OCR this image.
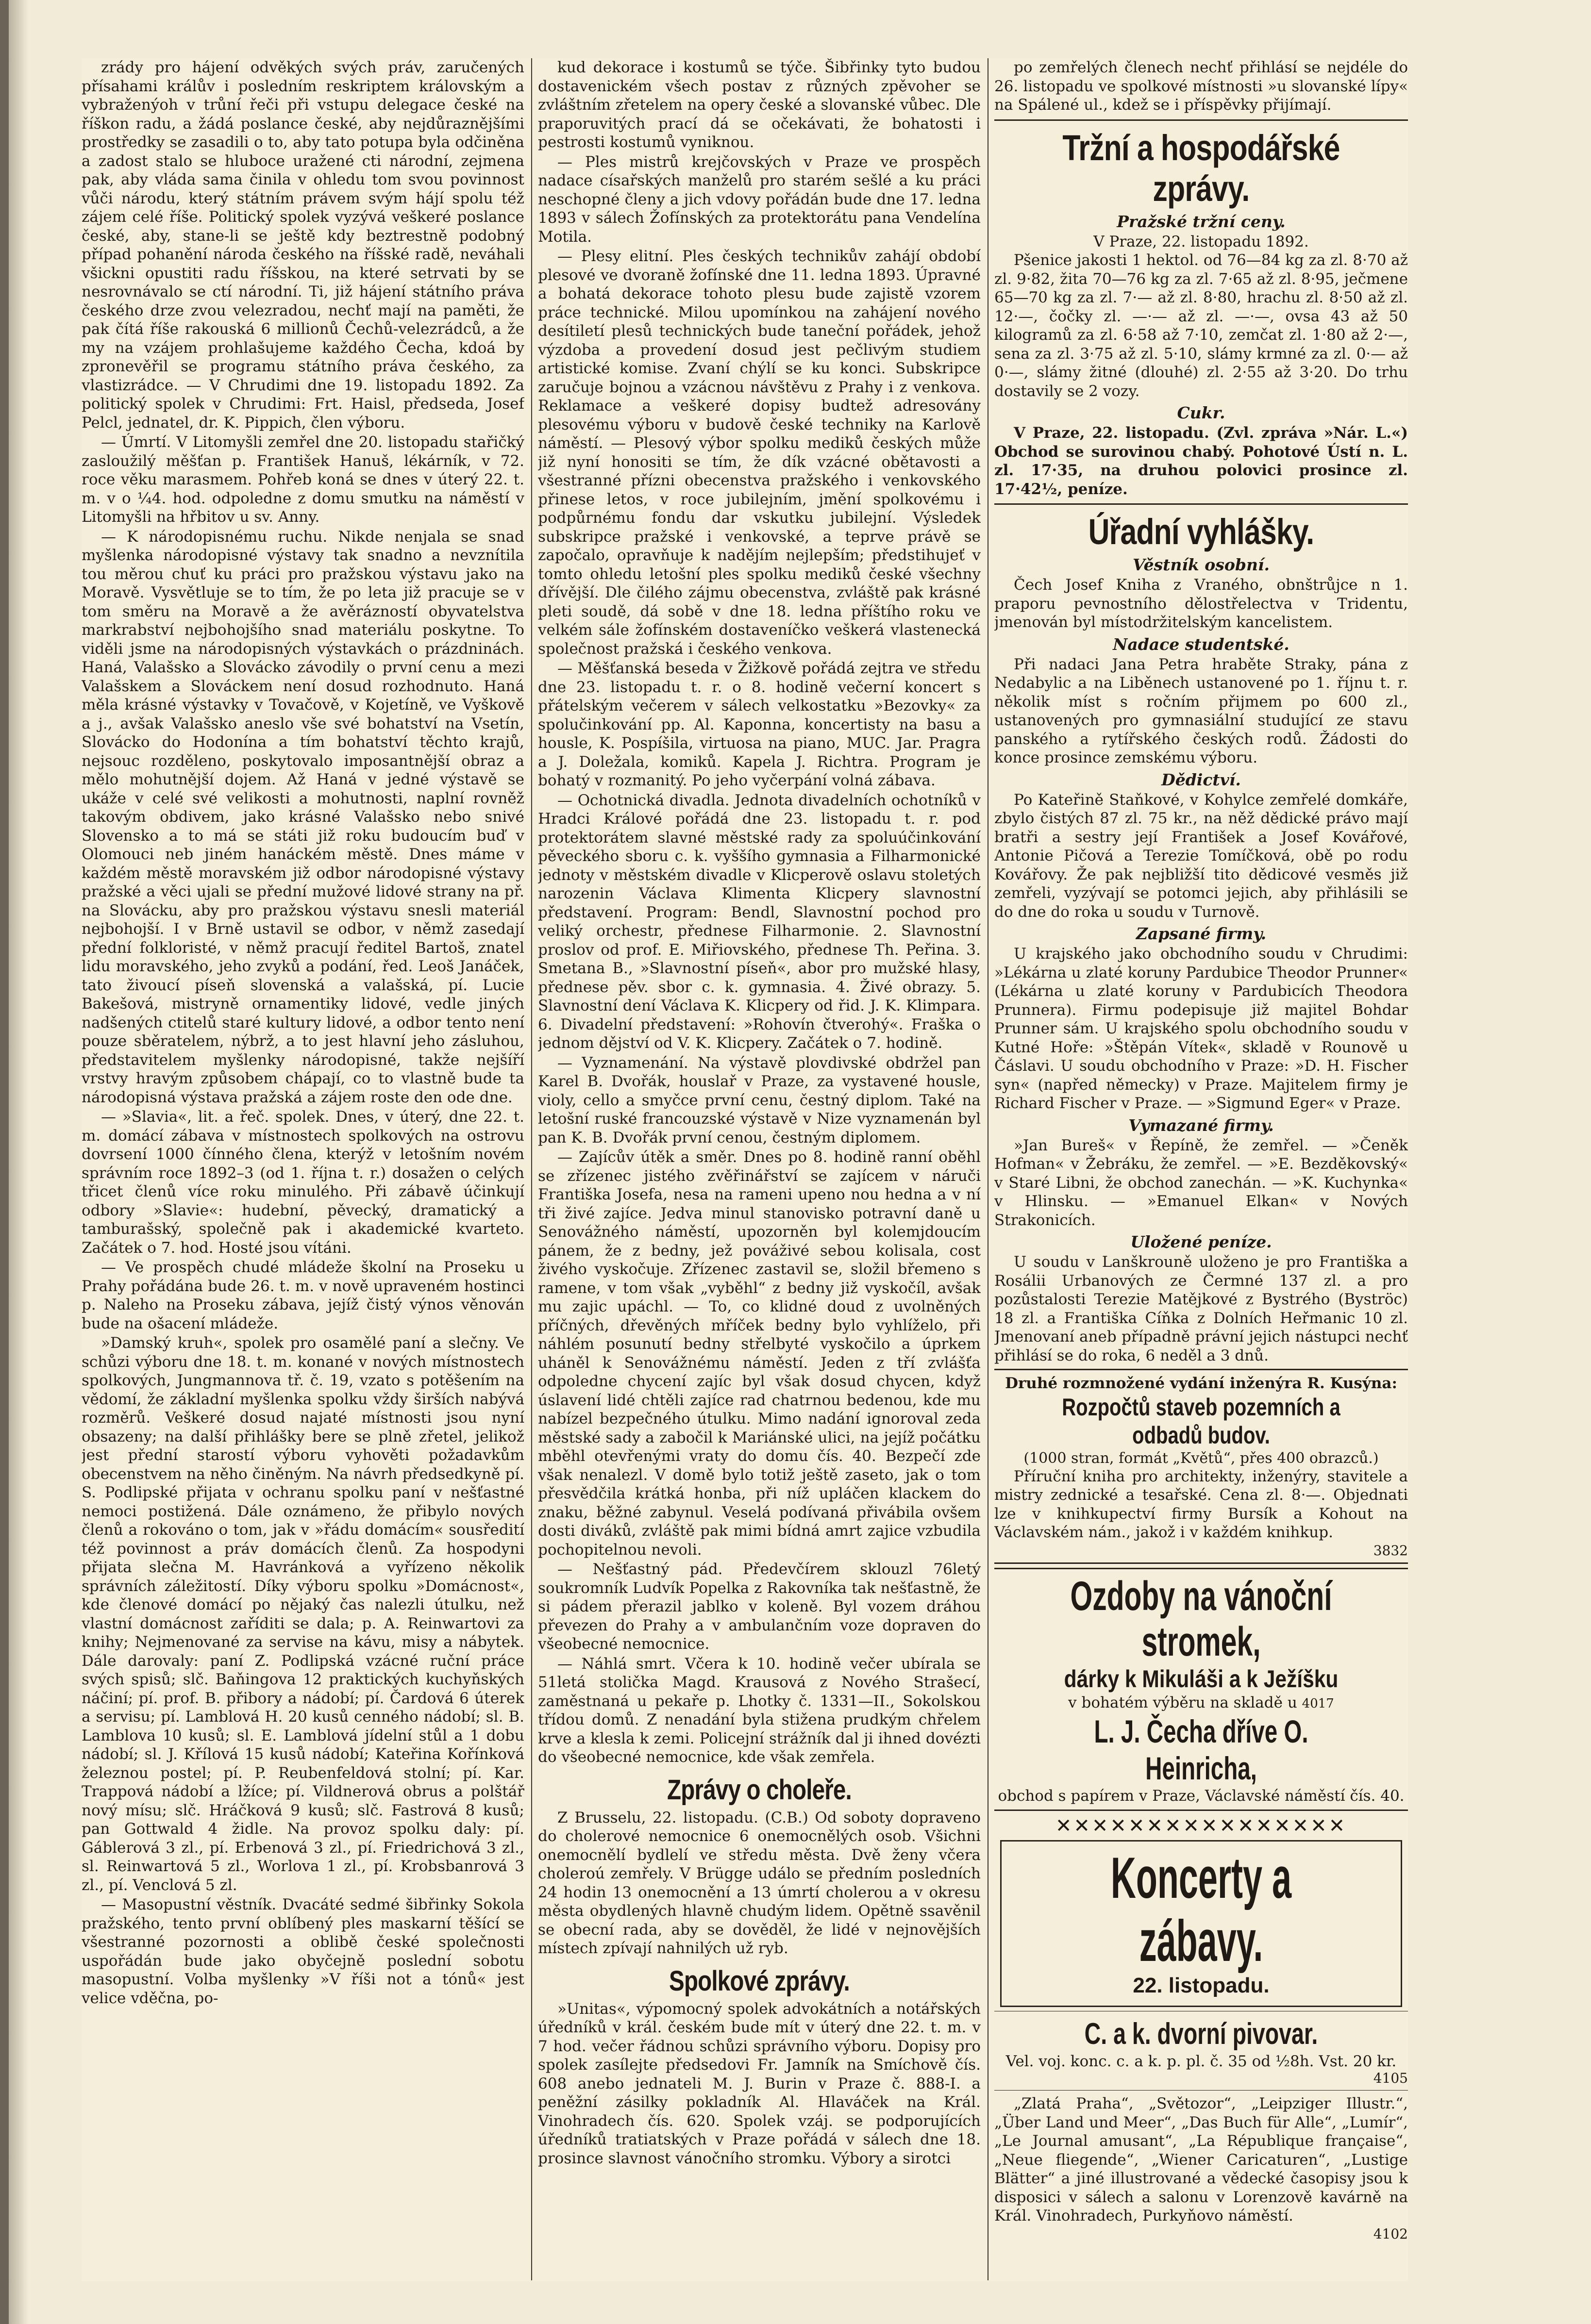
zrády pro hájení odvěkých svých práv, zaručených přísahami králův i posledním reskriptem královským a vybraženýoh v trůní řeči při vstupu delegace české na říškon radu, a žádá poslance české, aby nejdůraznějšími prostředky se zasadili o to, aby tato potupa byla odčiněna a zadost stalo se hluboce uražené cti národní, zejmena pak, aby vláda sama činila v ohledu tom svou povinnost vůči národu, který státním právem svým hájí spolu též zájem celé říše. Politický spolek vyzývá veškeré poslance české, aby, stane-li se ještě kdy beztrestně podobný případ pohanění národa českého na říšské radě, neváhali všickni opustiti radu říšskou, na které setrvati by se nesrovnávalo se ctí národní. Ti, již hájení státního práva českého drze zvou velezradou, nechť mají na paměti, že pak čítá říše rakouská 6 millionů Čechů-velezrádců, a že my na vzájem prohlašujeme každého Čecha, kdoá by zpronevěřil se programu státního práva českého, za vlastizrádce. — V Chrudimi dne 19. listopadu 1892. Za politický spolek v Chrudimi: Frt. Haisl, předseda, Josef Pelcl, jednatel, dr. K. Pippich, člen výboru.

— Úmrtí. V Litomyšli zemřel dne 20. listopadu stařičký zasloužilý měšťan p. František Hanuš, lékárník, v 72. roce věku marasmem. Pohřeb koná se dnes v úterý 22. t. m. v o ¼4. hod. odpoledne z domu smutku na náměstí v Litomyšli na hřbitov u sv. Anny.

— K národopisnému ruchu. Nikde nenjala se snad myšlenka národopisné výstavy tak snadno a nevznítila tou měrou chuť ku práci pro pražskou výstavu jako na Moravě. Vysvětluje se to tím, že po leta již pracuje se v tom směru na Moravě a že avěrázností obyvatelstva markrabství nejbohojšího snad materiálu poskytne. To viděli jsme na národopisných výstavkách o prázdninách. Haná, Valašsko a Slovácko závodily o první cenu a mezi Valašskem a Slováckem není dosud rozhodnuto. Haná měla krásné výstavky v Tovačově, v Kojetíně, ve Vyškově a j., avšak Valašsko aneslo vše své bohatství na Vsetín, Slovácko do Hodonína a tím bohatství těchto krajů, nejsouc rozděleno, poskytovalo imposantnější obraz a mělo mohutnější dojem. Až Haná v jedné výstavě se ukáže v celé své velikosti a mohutnosti, naplní rovněž takovým obdivem, jako krásné Valašsko nebo snivé Slovensko a to má se státi již roku budoucím buď v Olomouci neb jiném hanáckém městě. Dnes máme v každém městě moravském již odbor národopisné výstavy pražské a věci ujali se přední mužové lidové strany na př. na Slovácku, aby pro pražskou výstavu snesli materiál nejbohojší. I v Brně ustavil se odbor, v němž zasedají přední folkloristé, v němž pracují ředitel Bartoš, znatel lidu moravského, jeho zvyků a podání, řed. Leoš Janáček, tato živoucí píseň slovenská a valašská, pí. Lucie Bakešová, mistryně ornamentiky lidové, vedle jiných nadšených ctitelů staré kultury lidové, a odbor tento není pouze sběratelem, nýbrž, a to jest hlavní jeho zásluhou, představitelem myšlenky národopisné, takže nejšíří vrstvy hravým způsobem chápají, co to vlastně bude ta národopisná výstava pražská a zájem roste den ode dne.

— »Slavia«, lit. a řeč. spolek. Dnes, v úterý, dne 22. t. m. domácí zábava v místnostech spolkových na ostrovu dovrsení 1000 čínného člena, kterýž v letošním novém správním roce 1892–3 (od 1. října t. r.) dosažen o celých třicet členů více roku minulého. Při zábavě účinkují odbory »Slavie«: hudební, pěvecký, dramatický a tamburašský, společně pak i akademické kvarteto. Začátek o 7. hod. Hosté jsou vítáni.

— Ve prospěch chudé mládeže školní na Proseku u Prahy pořádána bude 26. t. m. v nově upraveném hostinci p. Naleho na Proseku zábava, jejíž čistý výnos věnován bude na ošacení mládeže.

»Damský kruh«, spolek pro osamělé paní a slečny. Ve schůzi výboru dne 18. t. m. konané v nových místnostech spolkových, Jungmannova tř. č. 19, vzato s potěšením na vědomí, že základní myšlenka spolku vždy širších nabývá rozměrů. Veškeré dosud najaté místnosti jsou nyní obsazeny; na další přihlášky bere se plně zřetel, jelikož jest přední starostí výboru vyhověti požadavkům obecenstvem na něho činěným. Na návrh předsedkyně pí. S. Podlipské přijata v ochranu spolku paní v nešťastné nemoci postižená. Dále oznámeno, že přibylo nových členů a rokováno o tom, jak v »řádu domácím« sousředití též povinnost a práv domácích členů. Za hospodyni přijata slečna M. Havránková a vyřízeno několik správních záležitostí. Díky výboru spolku »Domácnost«, kde členové domácí po nějaký čas nalezli útulku, než vlastní domácnost zaříditi se dala; p. A. Reinwartovi za knihy; Nejmenované za servise na kávu, misy a nábytek. Dále darovaly: paní Z. Podlipská vzácné ruční práce svých spisů; slč. Baňingova 12 praktických kuchyňských náčiní; pí. prof. B. přibory a nádobí; pí. Čardová 6 úterek a servisu; pí. Lamblová H. 20 kusů cenného nádobí; sl. B. Lamblova 10 kusů; sl. E. Lamblová jídelní stůl a 1 dobu nádobí; sl. J. Křílová 15 kusů nádobí; Kateřina Kořínková železnou postel; pí. P. Reubenfeldová stolní; pí. Kar. Trappová nádobí a lžíce; pí. Vildnerová obrus a polštář nový mísu; slč. Hráčková 9 kusů; slč. Fastrová 8 kusů; pan Gottwald 4 židle. Na provoz spolku daly: pí. Gáblerová 3 zl., pí. Erbenová 3 zl., pí. Friedrichová 3 zl., sl. Reinwartová 5 zl., Worlova 1 zl., pí. Krobsbanrová 3 zl., pí. Venclová 5 zl.

— Masopustní věstník. Dvacáté sedmé šibřinky Sokola pražského, tento první oblíbený ples maskarní těšící se všestranné pozornosti a oblibě české společnosti uspořádán bude jako obyčejně poslední sobotu masopustní. Volba myšlenky »V říši not a tónů« jest velice vděčna, po-

kud dekorace i kostumů se týče. Šibřinky tyto budou dostavenickém všech postav z různých zpěvoher se zvláštním zřetelem na opery české a slovanské vůbec. Dle praporuvitých prací dá se očekávati, že bohatosti i pestrosti kostumů vyniknou.

— Ples mistrů krejčovských v Praze ve prospěch nadace císařských manželů pro starém sešlé a ku práci neschopné členy a jich vdovy pořádán bude dne 17. ledna 1893 v sálech Žofínských za protektorátu pana Vendelína Motila.

— Plesy elitní. Ples českých technikův zahájí období plesové ve dvoraně žofínské dne 11. ledna 1893. Úpravné a bohatá dekorace tohoto plesu bude zajistě vzorem práce technické. Milou upomínkou na zahájení nového desítiletí plesů technických bude taneční pořádek, jehož výzdoba a provedení dosud jest pečlivým studiem artistické komise. Zvaní chýlí se ku konci. Subskripce zaručuje bojnou a vzácnou návštěvu z Prahy i z venkova. Reklamace a veškeré dopisy budtež adresovány plesovému výboru v budově české techniky na Karlově náměstí. — Plesový výbor spolku mediků českých může již nyní honositi se tím, že dík vzácné obětavosti a všestranné přízni obecenstva pražského i venkovského přinese letos, v roce jubilejním, jmění spolkovému i podpůrnému fondu dar vskutku jubilejní. Výsledek subskripce pražské i venkovské, a teprve právě se započalo, opravňuje k nadějím nejlepším; předstihujeť v tomto ohledu letošní ples spolku mediků české všechny dřívější. Dle čilého zájmu obecenstva, zvláště pak krásné pleti soudě, dá sobě v dne 18. ledna příštího roku ve velkém sále žofínském dostaveníčko veškerá vlastenecká společnost pražská i českého venkova.

— Měšťanská beseda v Žižkově pořádá zejtra ve středu dne 23. listopadu t. r. o 8. hodině večerní koncert s přátelským večerem v sálech velkostatku »Bezovky« za spolučinkování pp. Al. Kaponna, koncertisty na basu a housle, K. Pospíšila, virtuosa na piano, MUC. Jar. Pragra a J. Doležala, komiků. Kapela J. Richtra. Program je bohatý v rozmanitý. Po jeho vyčerpání volná zábava.

— Ochotnická divadla. Jednota divadelních ochotníků v Hradci Králové pořádá dne 23. listopadu t. r. pod protektorátem slavné městské rady za spoluúčinkování pěveckého sboru c. k. vyššího gymnasia a Filharmonické jednoty v městském divadle v Klicperově oslavu stoletých narozenin Václava Klimenta Klicpery slavnostní představení. Program: Bendl, Slavnostní pochod pro veliký orchestr, přednese Filharmonie. 2. Slavnostní proslov od prof. E. Miřiovského, přednese Th. Peřina. 3. Smetana B., »Slavnostní píseň«, abor pro mužské hlasy, přednese pěv. sbor c. k. gymnasia. 4. Živé obrazy. 5. Slavnostní dení Václava K. Klicpery od řid. J. K. Klimpara. 6. Divadelní představení: »Rohovín čtverohý«. Fraška o jednom dějství od V. K. Klicpery. Začátek o 7. hodině.

— Vyznamenání. Na výstavě plovdivské obdržel pan Karel B. Dvořák, houslař v Praze, za vystavené housle, violy, cello a smyčce první cenu, čestný diplom. Také na letošní ruské francouzské výstavě v Nize vyznamenán byl pan K. B. Dvořák první cenou, čestným diplomem.

— Zajícův útěk a směr. Dnes po 8. hodině ranní oběhl se zřízenec jistého zvěřinářství se zajícem v náruči Františka Josefa, nesa na rameni upeno nou hedna a v ní tři živé zajíce. Jedva minul stanovisko potravní daně u Senovážného náměstí, upozorněn byl kolemjdoucím pánem, že z bedny, jež pováživé sebou kolisala, cost živého vyskočuje. Zřízenec zastavil se, složil břemeno s ramene, v tom však „vyběhl“ z bedny již vyskočíl, avšak mu zajic upáchl. — To, co klidné doud z uvolněných příčných, dřevěných mříček bedny bylo vyhlíželo, při náhlém posunutí bedny střelbyté vyskočilo a úprkem uháněl k Senovážnému náměstí. Jeden z tří zvlášťa odpoledne chycení zajíc byl však dosud chycen, když úslavení lidé chtěli zajíce rad chatrnou bedenou, kde mu nabízel bezpečného útulku. Mimo nadání ignoroval zeda městské sady a zabočil k Mariánské ulici, na jejíž počátku mběhl otevřenými vraty do domu čís. 40. Bezpečí zde však nenalezl. V domě bylo totiž ještě zaseto, jak o tom přesvědčila krátká honba, při níž upláčen klackem do znaku, běžné zabynul. Veselá podívaná přivábila ovšem dosti diváků, zvláště pak mimi bídná amrt zajice vzbudila pochopitelnou nevoli.

— Nešťastný pád. Předevčírem sklouzl 76letý soukromník Ludvík Popelka z Rakovníka tak nešťastně, že si pádem přerazil jablko v koleně. Byl vozem dráhou převezen do Prahy a v ambulančním voze dopraven do všeobecné nemocnice.

— Náhlá smrt. Včera k 10. hodině večer ubírala se 51letá stolička Magd. Krausová z Nového Strašecí, zaměstnaná u pekaře p. Lhotky č. 1331—II., Sokolskou třídou domů. Z nenadání byla stižena prudkým chřelem krve a klesla k zemi. Policejní strážník dal ji ihned dovézti do všeobecné nemocnice, kde však zemřela.

Zprávy o choleře.

Z Brusselu, 22. listopadu. (C.B.) Od soboty dopraveno do cholerové nemocnice 6 onemocnělých osob. Všichni onemocnělí bydlelí ve středu města. Dvě ženy včera choleroú zemřely. V Brügge událo se předním posledních 24 hodin 13 onemocnění a 13 úmrtí cholerou a v okresu města obydlených hlavně chudým lidem. Opětně ssavěnil se obecní rada, aby se dověděl, že lidé v nejnovějších místech zpívají nahnilých už ryb.

Spolkové zprávy.

»Unitas«, výpomocný spolek advokátních a notářských úředníků v král. českém bude mít v úterý dne 22. t. m. v 7 hod. večer řádnou schůzi správního výboru. Dopisy pro spolek zasílejte předsedovi Fr. Jamník na Smíchově čís. 608 anebo jednateli M. J. Burin v Praze č. 888-I. a peněžní zásilky pokladník Al. Hlaváček na Král. Vinohradech čís. 620. Spolek vzáj. se podporujících úředníků tratiatských v Praze pořádá v sálech dne 18. prosince slavnost vánočního stromku. Výbory a sirotci

po zemřelých členech nechť přihlásí se nejdéle do 26. listopadu ve spolkové místnosti »u slovanské lípy« na Spálené ul., kdež se i příspěvky přijímají.

Tržní a hospodářské zprávy.
Pražské tržní ceny.
V Praze, 22. listopadu 1892.

Pšenice jakosti 1 hektol. od 76—84 kg za zl. 8·70 až zl. 9·82, žita 70—76 kg za zl. 7·65 až zl. 8·95, ječmene 65—70 kg za zl. 7·— až zl. 8·80, hrachu zl. 8·50 až zl. 12·—, čočky zl. —·— až zl. —·—, ovsa 43 až 50 kilogramů za zl. 6·58 až 7·10, zemčat zl. 1·80 až 2·—, sena za zl. 3·75 až zl. 5·10, slámy krmné za zl. 0·— až 0·—, slámy žitné (dlouhé) zl. 2·55 až 3·20. Do trhu dostavily se 2 vozy.

Cukr.

V Praze, 22. listopadu. (Zvl. zpráva »Nár. L.«) Obchod se surovinou chabý. Pohotové Ústí n. L. zl. 17·35, na druhou polovici prosince zl. 17·42½, peníze.

Úřadní vyhlášky.
Věstník osobní.

Čech Josef Kniha z Vraného, obnštrůjce n 1. praporu pevnostního dělostřelectva v Tridentu, jmenován byl místodržitelským kancelistem.

Nadace studentské.

Při nadaci Jana Petra hraběte Straky, pána z Nedabylic a na Liběnech ustanovené po 1. říjnu t. r. několik míst s ročním přijmem po 600 zl., ustanovených pro gymnasiální studující ze stavu panského a rytířského českých rodů. Žádosti do konce prosince zemskému výboru.

Dědictví.

Po Kateřině Staňkové, v Kohylce zemřelé domkáře, zbylo čistých 87 zl. 75 kr., na něž dědické právo mají bratři a sestry její František a Josef Kovářové, Antonie Pičová a Terezie Tomíčková, obě po rodu Kovářovy. Že pak nejbližší tito dědicové vesměs již zemřeli, vyzývají se potomci jejich, aby přihlásili se do dne do roka u soudu v Turnově.

Zapsané firmy.

U krajského jako obchodního soudu v Chrudimi: »Lékárna u zlaté koruny Pardubice Theodor Prunner« (Lékárna u zlaté koruny v Pardubicích Theodora Prunnera). Firmu podepisuje již majitel Bohdar Prunner sám. U krajského spolu obchodního soudu v Kutné Hoře: »Štěpán Vítek«, skladě v Rounově u Čáslavi. U soudu obchodního v Praze: »D. H. Fischer syn« (napřed německy) v Praze. Majitelem firmy je Richard Fischer v Praze. — »Sigmund Eger« v Praze.

Vymazané firmy.

»Jan Bureš« v Řepíně, že zemřel. — »Čeněk Hofman« v Žebráku, že zemřel. — »E. Bezděkovský« v Staré Libni, že obchod zanechán. — »K. Kuchynka« v Hlinsku. — »Emanuel Elkan« v Nových Strakonicích.

Uložené peníze.

U soudu v Lanškrouně uloženo je pro Františka a Rosálii Urbanových ze Čermné 137 zl. a pro pozůstalosti Terezie Matějkové z Bystrého (Byströc) 18 zl. a Františka Cíňka z Dolních Heřmanic 10 zl. Jmenovaní aneb případně právní jejich nástupci nechť přihlásí se do roka, 6 neděl a 3 dnů.

Druhé rozmnožené vydání inženýra R. Kusýna:
Rozpočtů staveb pozemních a odbadů budov.
(1000 stran, formát „Květů“, přes 400 obrazců.)

Příruční kniha pro architekty, inženýry, stavitele a mistry zednické a tesařské. Cena zl. 8·—. Objednati lze v knihkupectví firmy Bursík a Kohout na Václavském nám., jakož i v každém knihkup.

3832
Ozdoby na vánoční stromek,
dárky k Mikuláši a k Ježíšku
v bohatém výběru na skladě u 4017
L. J. Čecha dříve O. Heinricha,
obchod s papírem v Praze, Václavské náměstí čís. 40.
✕✕✕✕✕✕✕✕✕✕✕✕✕✕✕✕
Koncerty a zábavy.
22. listopadu.
C. a k. dvorní pivovar.
Vel. voj. konc. c. a k. p. pl. č. 35 od ½8h. Vst. 20 kr.
4105

„Zlatá Praha“, „Světozor“, „Leipziger Illustr.“, „Über Land und Meer“, „Das Buch für Alle“, „Lumír“, „Le Journal amusant“, „La République française“, „Neue fliegende“, „Wiener Caricaturen“, „Lustige Blätter“ a jiné illustrované a vědecké časopisy jsou k disposici v sálech a salonu v Lorenzově kavárně na Král. Vinohradech, Purkyňovo náměstí.

4102
